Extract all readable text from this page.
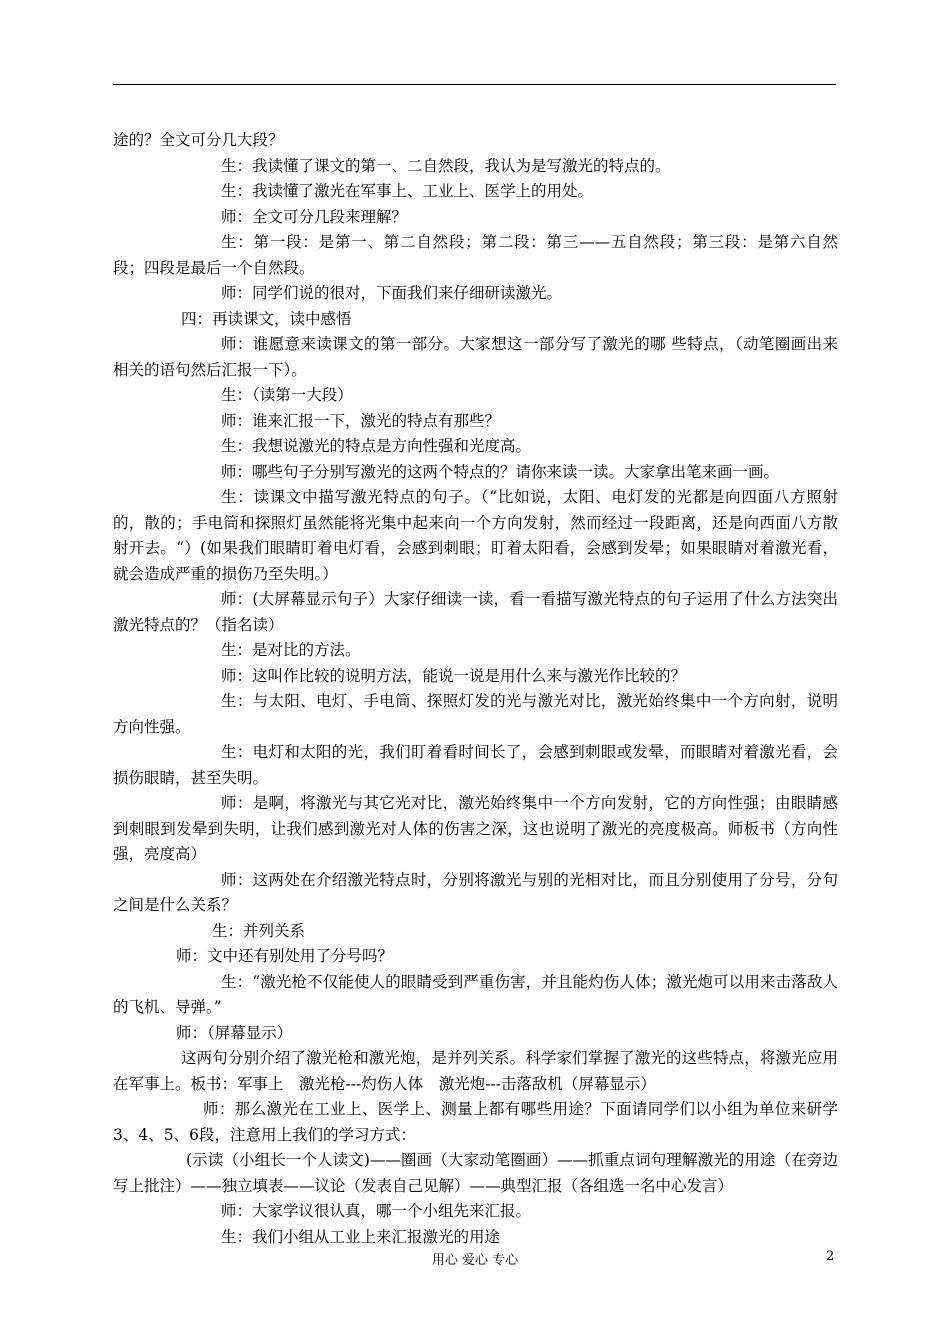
途的？全文可分几大段？

生：我读懂了课文的第一、二自然段，我认为是写激光的特点的。

生：我读懂了激光在军事上、工业上、医学上的用处。

师：全文可分几段来理解？

生：第一段：是第一、第二自然段；第二段：第三——五自然段；第三段：是第六自然段；四段是最后一个自然段。

师：同学们说的很对，下面我们来仔细研读激光。

四：再读课文，读中感悟

师：谁愿意来读课文的第一部分。大家想这一部分写了激光的哪 些特点，（动笔圈画出来相关的语句然后汇报一下）。

生：（读第一大段）

师：谁来汇报一下，激光的特点有那些？

生：我想说激光的特点是方向性强和光度高。

师：哪些句子分别写激光的这两个特点的？请你来读一读。大家拿出笔来画一画。

生：读课文中描写激光特点的句子。（“比如说，太阳、电灯发的光都是向四面八方照射的，散的；手电筒和探照灯虽然能将光集中起来向一个方向发射，然而经过一段距离，还是向西面八方散射开去。“）(如果我们眼睛盯着电灯看，会感到刺眼；盯着太阳看，会感到发晕；如果眼睛对着激光看，就会造成严重的损伤乃至失明。）

师：(大屏幕显示句子）大家仔细读一读，看一看描写激光特点的句子运用了什么方法突出激光特点的？（指名读）

生：是对比的方法。

师：这叫作比较的说明方法，能说一说是用什么来与激光作比较的？

生：与太阳、电灯、手电筒、探照灯发的光与激光对比，激光始终集中一个方向射，说明方向性强。

生：电灯和太阳的光，我们盯着看时间长了，会感到刺眼或发晕，而眼睛对着激光看，会损伤眼睛，甚至失明。

师：是啊，将激光与其它光对比，激光始终集中一个方向发射，它的方向性强；由眼睛感到刺眼到发晕到失明，让我们感到激光对人体的伤害之深，这也说明了激光的亮度极高。师板书（方向性强，亮度高）

师：这两处在介绍激光特点时，分别将激光与别的光相对比，而且分别使用了分号，分句之间是什么关系？

生：并列关系

师：文中还有别处用了分号吗？

生：“激光枪不仅能使人的眼睛受到严重伤害，并且能灼伤人体；激光炮可以用来击落敌人的飞机、导弹。”

师：（屏幕显示）

这两句分别介绍了激光枪和激光炮，是并列关系。科学家们掌握了激光的这些特点，将激光应用在军事上。板书：军事上　激光枪---灼伤人体　激光炮---击落敌机（屏幕显示）

师：那么激光在工业上、医学上、测量上都有哪些用途？下面请同学们以小组为单位来研学3、4、5、6段，注意用上我们的学习方式：

(示读（小组长一个人读文)——圈画（大家动笔圈画）——抓重点词句理解激光的用途（在旁边写上批注）——独立填表——议论（发表自己见解）——典型汇报（各组选一名中心发言）

师：大家学议很认真，哪一个小组先来汇报。

生：我们小组从工业上来汇报激光的用途

用心 爱心 专心	2
